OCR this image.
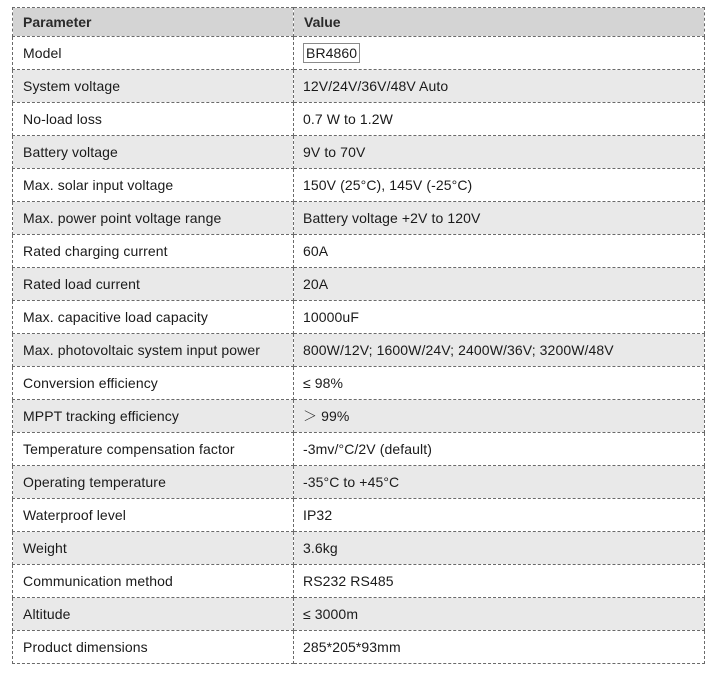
Parameter	Value
Model	BR4860
System voltage	12V/24V/36V/48V Auto
No-load loss	0.7 W to 1.2W
Battery voltage	9V to 70V
Max. solar input voltage	150V (25°C), 145V (-25°C)
Max. power point voltage range	Battery voltage +2V to 120V
Rated charging current	60A
Rated load current	20A
Max. capacitive load capacity	10000uF
Max. photovoltaic system input power	800W/12V; 1600W/24V; 2400W/36V; 3200W/48V
Conversion efficiency	≤ 98%
MPPT tracking efficiency	＞ 99%
Temperature compensation factor	-3mv/°C/2V (default)
Operating temperature	-35°C to +45°C
Waterproof level	IP32
Weight	3.6kg
Communication method	RS232 RS485
Altitude	≤ 3000m
Product dimensions	285*205*93mm
